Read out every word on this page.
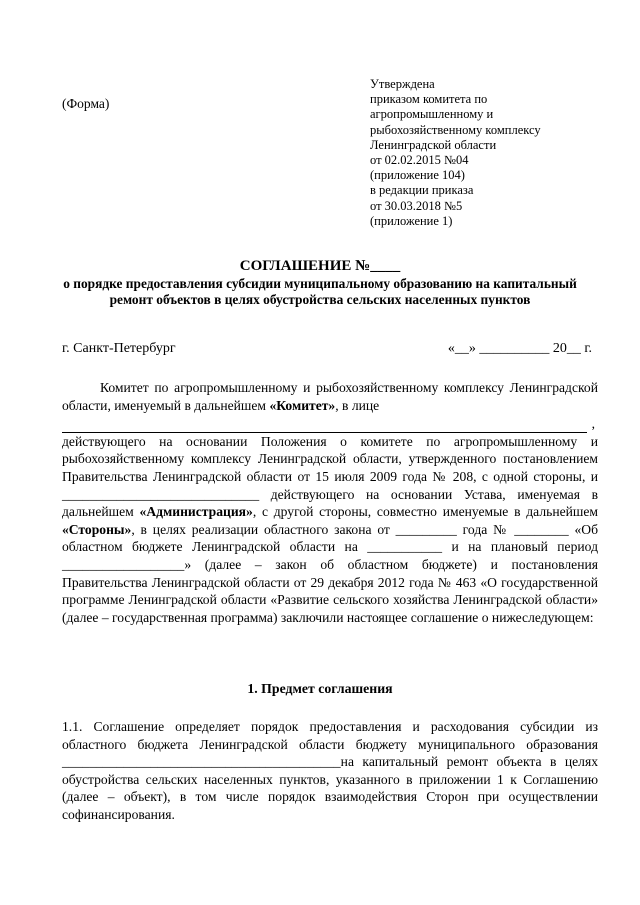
(Форма)
Утверждена
приказом комитета по
агропромышленному и
рыбохозяйственному комплексу
Ленинградской области
от 02.02.2015 №04
(приложение 104)
в редакции приказа
от 30.03.2018 №5
(приложение 1)
СОГЛАШЕНИЕ №____
о порядке предоставления субсидии муниципальному образованию на капитальный ремонт объектов в целях обустройства сельских населенных пунктов
г. Санкт-Петербург	«__» __________ 20__ г.

Комитет по агропромышленному и рыбохозяйственному комплексу Ленинградской области, именуемый в дальнейшем «Комитет», в лице

,

действующего на основании Положения о комитете по агропромышленному и рыбохозяйственному комплексу Ленинградской области, утвержденного постановлением Правительства Ленинградской области от 15 июля 2009 года № 208, с одной стороны, и _____________________________ действующего на основании Устава, именуемая в дальнейшем «Администрация», с другой стороны, совместно именуемые в дальнейшем «Стороны», в целях реализации областного закона от _________ года № ________ «Об областном бюджете Ленинградской области на ___________ и на плановый период __________________» (далее – закон об областном бюджете) и постановления Правительства Ленинградской области от 29 декабря 2012 года № 463 «О государственной программе Ленинградской области «Развитие сельского хозяйства Ленинградской области» (далее – государственная программа) заключили настоящее соглашение о нижеследующем:

1. Предмет соглашения

1.1. Соглашение определяет порядок предоставления и расходования субсидии из областного бюджета Ленинградской области бюджету муниципального образования _________________________________________на капитальный ремонт объекта в целях обустройства сельских населенных пунктов, указанного в приложении 1 к Соглашению (далее – объект), в том числе порядок взаимодействия Сторон при осуществлении софинансирования.
